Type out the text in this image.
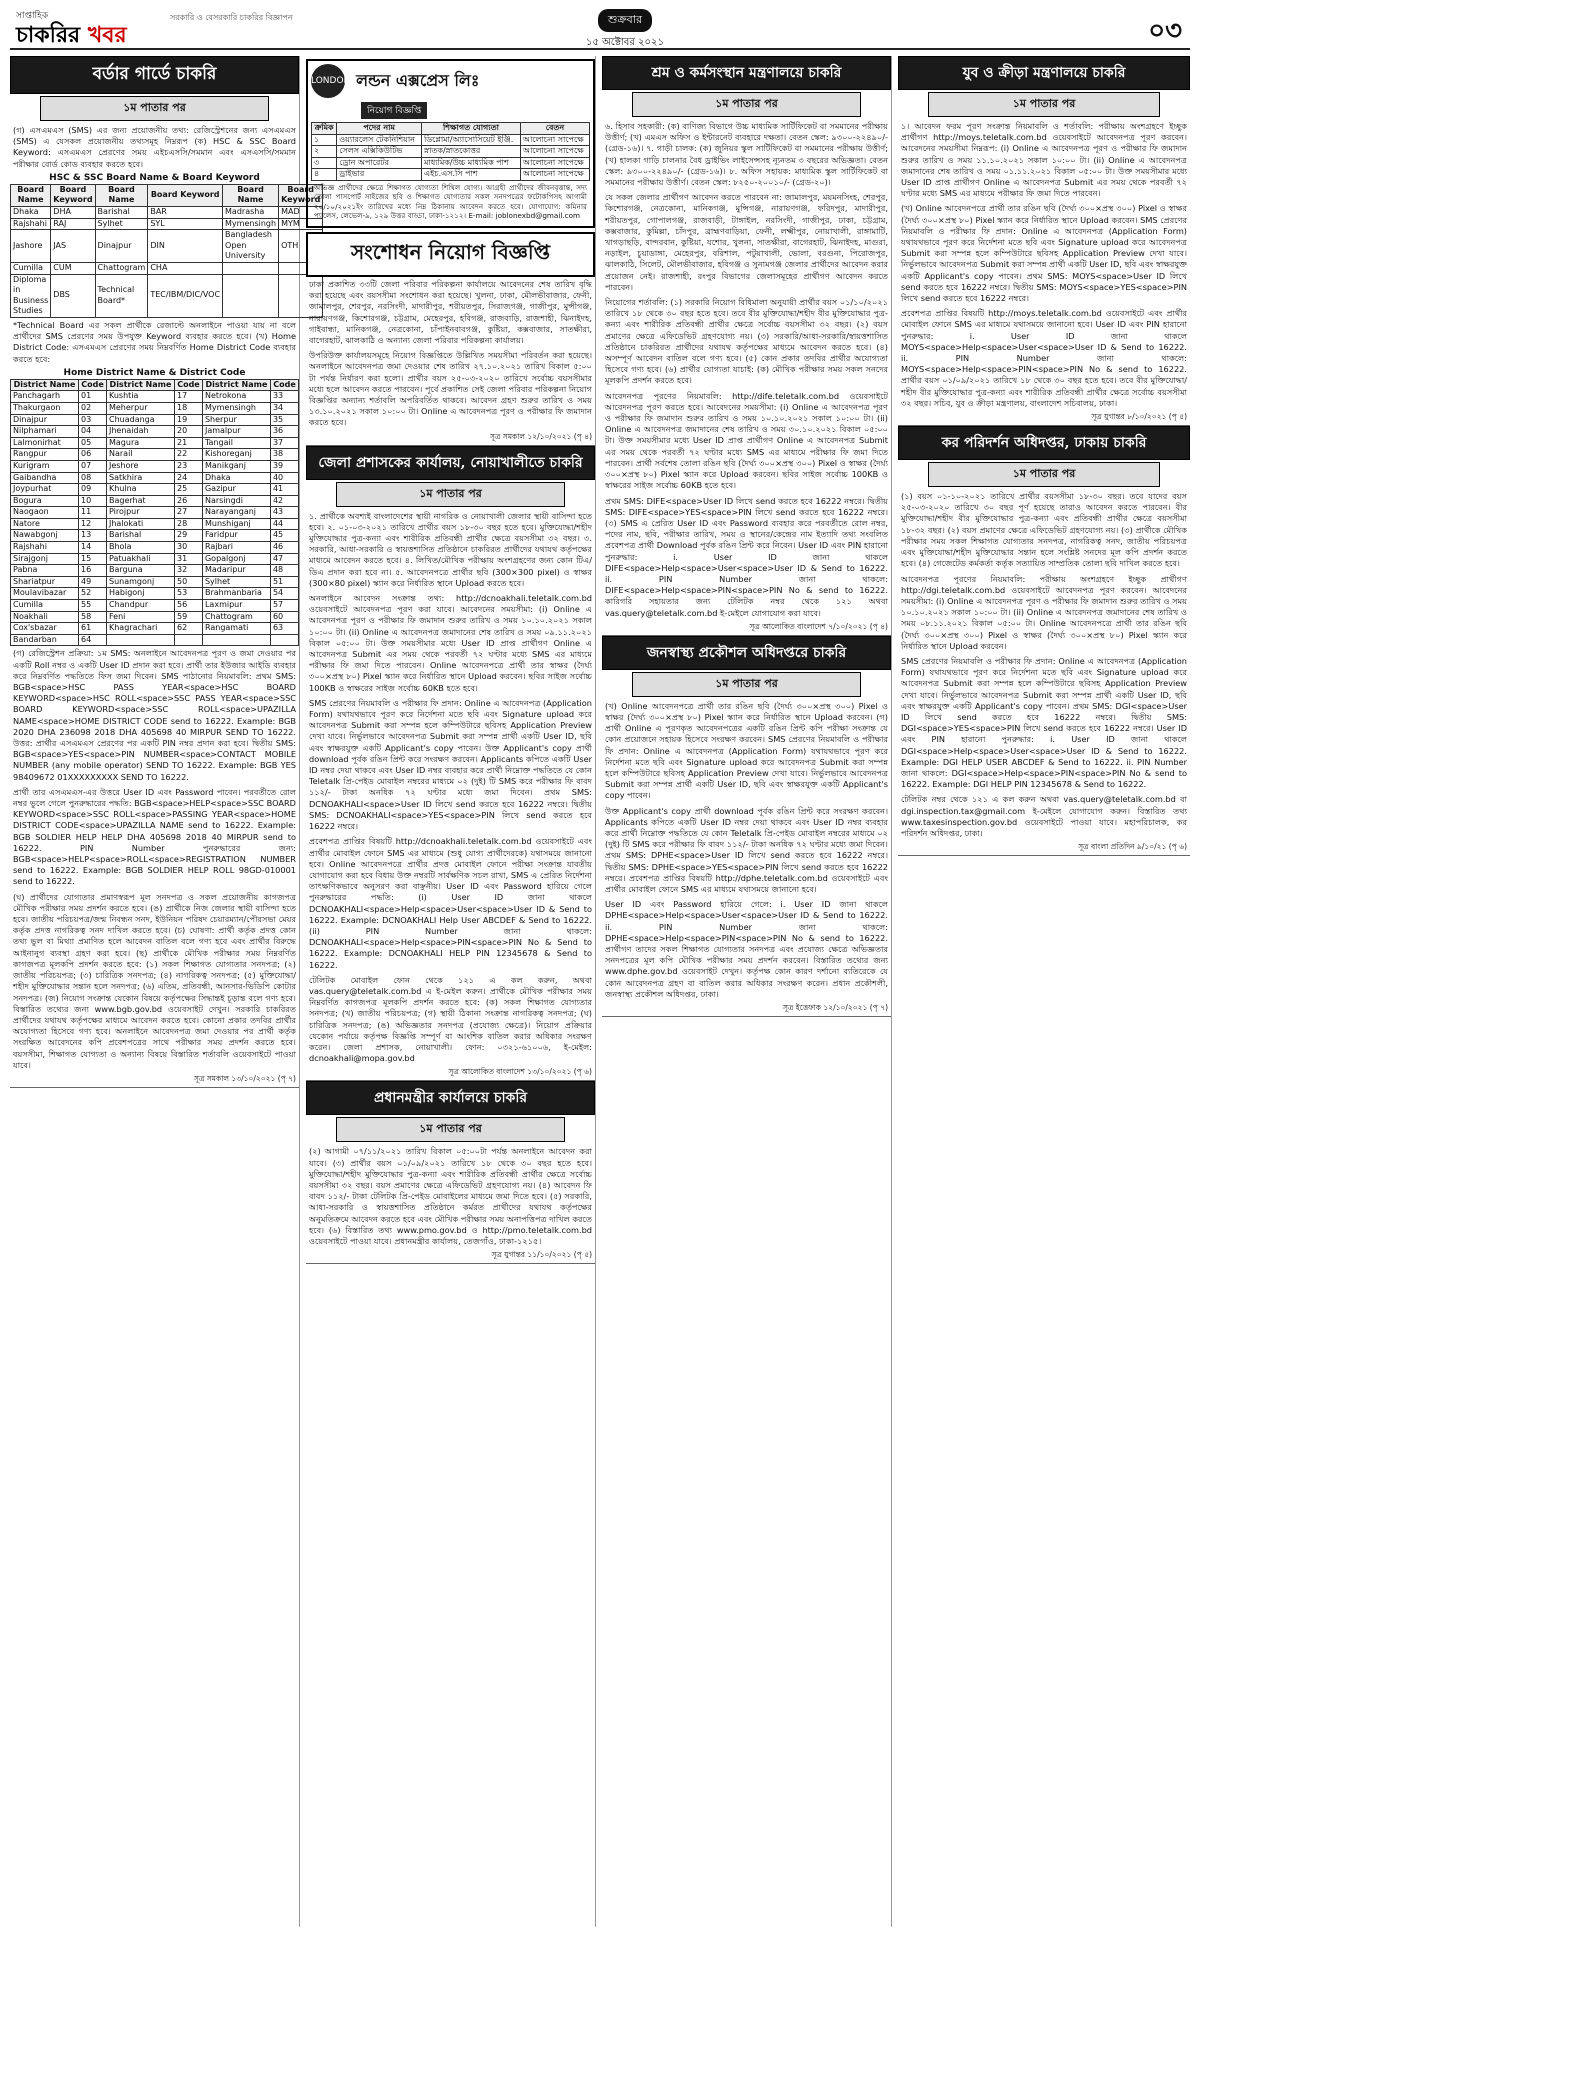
সাপ্তাহিক
চাকরির খবর
সরকারি ও বেসরকারি চাকরির বিজ্ঞাপন	শুক্রবার
১৫ অক্টোবর ২০২১	০৩
বর্ডার গার্ডে চাকরি
১ম পাতার পর
(গ) এসএমএস (SMS) এর জন্য প্রয়োজনীয় তথ্য: রেজিস্ট্রেশনের জন্য এসএমএস (SMS) এ যেসকল প্রয়োজনীয় তথ্যসমূহ নিম্নরূপ (ক) HSC & SSC Board Keyword: এসএমএস প্রেরণের সময় এইচএসসি/সমমান এবং এসএসসি/সমমান পরীক্ষার বোর্ড কোড ব্যবহার করতে হবে।
HSC & SSC Board Name & Board Keyword
Board Name	Board Keyword	Board Name	Board Keyword	Board Name	Board Keyword
Dhaka	DHA	Barishal	BAR	Madrasha	MAD
Rajshahi	RAJ	Sylhet	SYL	Mymensingh	MYM
Jashore	JAS	Dinajpur	DIN	Bangladesh Open University	OTH
Cumilla	CUM	Chattogram	CHA		
Diploma in Business Studies	DBS	Technical Board*	TEC/IBM/DIC/VOC		
*Technical Board এর সকল প্রার্থীকে রেজাল্টে অনলাইনে পাওয়া যায় না বলে প্রার্থীদের SMS প্রেরণের সময় উপযুক্ত Keyword ব্যবহার করতে হবে। (খ) Home District Code: এসএমএস প্রেরণের সময় নিম্নবর্ণিত Home District Code ব্যবহার করতে হবে:
Home District Name & District Code
District Name	Code	District Name	Code	District Name	Code
Panchagarh	01	Kushtia	17	Netrokona	33
Thakurgaon	02	Meherpur	18	Mymensingh	34
Dinajpur	03	Chuadanga	19	Sherpur	35
Nilphamari	04	Jhenaidah	20	Jamalpur	36
Lalmonirhat	05	Magura	21	Tangail	37
Rangpur	06	Narail	22	Kishoreganj	38
Kurigram	07	Jeshore	23	Manikganj	39
Gaibandha	08	Satkhira	24	Dhaka	40
Joypurhat	09	Khulna	25	Gazipur	41
Bogura	10	Bagerhat	26	Narsingdi	42
Naogaon	11	Pirojpur	27	Narayanganj	43
Natore	12	Jhalokati	28	Munshiganj	44
Nawabgonj	13	Barishal	29	Faridpur	45
Rajshahi	14	Bhola	30	Rajbari	46
Sirajgonj	15	Patuakhali	31	Gopalgonj	47
Pabna	16	Barguna	32	Madaripur	48
Shariatpur	49	Sunamgonj	50	Sylhet	51
Moulavibazar	52	Habigonj	53	Brahmanbaria	54
Cumilla	55	Chandpur	56	Laxmipur	57
Noakhali	58	Feni	59	Chattogram	60
Cox'sbazar	61	Khagrachari	62	Rangamati	63
Bandarban	64				
(গ) রেজিস্ট্রেশন প্রক্রিয়া: ১ম SMS: অনলাইনে আবেদনপত্র পূরণ ও জমা দেওয়ার পর একটি Roll নম্বর ও একটি User ID প্রদান করা হবে। প্রার্থী তার ইউজার আইডি ব্যবহার করে নিম্নবর্ণিত পদ্ধতিতে ফিস জমা দিবেন। SMS পাঠানোর নিয়মাবলি: প্রথম SMS: BGB<space>HSC PASS YEAR<space>HSC BOARD KEYWORD<space>HSC ROLL<space>SSC PASS YEAR<space>SSC BOARD KEYWORD<space>SSC ROLL<space>UPAZILLA NAME<space>HOME DISTRICT CODE send to 16222. Example: BGB 2020 DHA 236098 2018 DHA 405698 40 MIRPUR SEND TO 16222. উত্তর: প্রার্থীর এসএমএস প্রেরণের পর একটি PIN নম্বর প্রদান করা হবে। দ্বিতীয় SMS: BGB<space>YES<space>PIN NUMBER<space>CONTACT MOBILE NUMBER (any mobile operator) SEND TO 16222. Example: BGB YES 98409672 01XXXXXXXXX SEND TO 16222.
প্রার্থী তার এসএমএস-এর উত্তরে User ID এবং Password পাবেন। পরবর্তীতে রোল নম্বর ভুলে গেলে পুনরুদ্ধারের পদ্ধতি: BGB<space>HELP<space>SSC BOARD KEYWORD<space>SSC ROLL<space>PASSING YEAR<space>HOME DISTRICT CODE<space>UPAZILLA NAME send to 16222. Example: BGB SOLDIER HELP HELP DHA 405698 2018 40 MIRPUR send to 16222. PIN Number পুনরুদ্ধারের জন্য: BGB<space>HELP<space>ROLL<space>REGISTRATION NUMBER send to 16222. Example: BGB SOLDIER HELP ROLL 98GD-010001 send to 16222.
(ঘ) প্রার্থীদের যোগ্যতার প্রমাণস্বরূপ মূল সনদপত্র ও সকল প্রয়োজনীয় কাগজপত্র মৌখিক পরীক্ষার সময় প্রদর্শন করতে হবে। (ঙ) প্রার্থীকে নিজ জেলার স্থায়ী বাসিন্দা হতে হবে। জাতীয় পরিচয়পত্র/জন্ম নিবন্ধন সনদ, ইউনিয়ন পরিষদ চেয়ারম্যান/পৌরসভা মেয়র কর্তৃক প্রদত্ত নাগরিকত্ব সনদ দাখিল করতে হবে। (চ) ঘোষণা: প্রার্থী কর্তৃক প্রদত্ত কোন তথ্য ভুল বা মিথ্যা প্রমাণিত হলে আবেদন বাতিল বলে গণ্য হবে এবং প্রার্থীর বিরুদ্ধে আইনানুগ ব্যবস্থা গ্রহণ করা হবে। (ছ) প্রার্থীকে মৌখিক পরীক্ষার সময় নিম্নবর্ণিত কাগজপত্র মূলকপি প্রদর্শন করতে হবে: (১) সকল শিক্ষাগত যোগ্যতার সনদপত্র; (২) জাতীয় পরিচয়পত্র; (৩) চারিত্রিক সনদপত্র; (৪) নাগরিকত্ব সনদপত্র; (৫) মুক্তিযোদ্ধা/শহীদ মুক্তিযোদ্ধার সন্তান হলে সনদপত্র; (৬) এতিম, প্রতিবন্ধী, আনসার-ভিডিপি কোটার সনদপত্র। (জ) নিয়োগ সংক্রান্ত যেকোন বিষয়ে কর্তৃপক্ষের সিদ্ধান্তই চূড়ান্ত বলে গণ্য হবে। বিস্তারিত তথ্যের জন্য www.bgb.gov.bd ওয়েবসাইট দেখুন। সরকারি চাকরিরত প্রার্থীদের যথাযথ কর্তৃপক্ষের মাধ্যমে আবেদন করতে হবে। কোনো প্রকার তদবির প্রার্থীর অযোগ্যতা হিসেবে গণ্য হবে। অনলাইনে আবেদনপত্র জমা দেওয়ার পর প্রার্থী কর্তৃক সংরক্ষিত আবেদনের কপি প্রবেশপত্রের সাথে পরীক্ষার সময় প্রদর্শন করতে হবে। বয়সসীমা, শিক্ষাগত যোগ্যতা ও অন্যান্য বিষয়ে বিস্তারিত শর্তাবলি ওয়েবসাইটে পাওয়া যাবে।
সূত্র সমকাল ১৩/১০/২০২১ (পৃ ৭)
LONDON লন্ডন এক্সপ্রেস লিঃ
নিয়োগ বিজ্ঞপ্তি
ক্রমিক	পদের নাম	শিক্ষাগত যোগ্যতা	বেতন
১	ওয়্যারলেস টেকনিশিয়ান	ডিপ্লোমা/অ্যাসোসিয়েট ইঞ্জি.	আলোচনা সাপেক্ষে
২	সেলস এক্সিকিউটিভ	স্নাতক/স্নাতকোত্তর	আলোচনা সাপেক্ষে
৩	ড্রোন অপারেটর	মাধ্যমিক/উচ্চ মাধ্যমিক পাশ	আলোচনা সাপেক্ষে
৪	ড্রাইভার	এইচ.এস.সি পাশ	আলোচনা সাপেক্ষে
অভিজ্ঞ প্রার্থীদের ক্ষেত্রে শিক্ষাগত যোগ্যতা শিথিল যোগ্য। আগ্রহী প্রার্থীদের জীবনবৃত্তান্ত, সদ্য তোলা পাসপোর্ট সাইজের ছবি ও শিক্ষাগত যোগ্যতার সকল সনদপত্রের ফটোকপিসহ আগামী ২০/১০/২০২১ইং তারিখের মধ্যে নিম্ন ঠিকানায় আবেদন করতে হবে। যোগাযোগ: কমিনার প্যালেস, লেভেল-৯, ১২৯ উত্তর বাড্ডা, ঢাকা-১২১২। E-mail: joblonexbd@gmail.com
সংশোধন নিয়োগ বিজ্ঞপ্তি
ঢাকা প্রকাশিত ৩৩টি জেলা পরিবার পরিকল্পনা কার্যালয়ে আবেদনের শেষ তারিখ বৃদ্ধি করা হয়েছে এবং বয়সসীমা সংশোধন করা হয়েছে। খুলনা, ঢাকা, মৌলভীবাজার, ফেনী, জামালপুর, শেরপুর, নরসিংদী, মাদারীপুর, শরীয়তপুর, সিরাজগঞ্জ, গাজীপুর, মুন্সীগঞ্জ, নারায়ণগঞ্জ, কিশোরগঞ্জ, চট্টগ্রাম, মেহেরপুর, হবিগঞ্জ, রাজবাড়ি, রাজশাহী, ঝিনাইদহ, গাইবান্ধা, মানিকগঞ্জ, নেত্রকোনা, চাঁপাইনবাবগঞ্জ, কুষ্টিয়া, কক্সবাজার, সাতক্ষীরা, বাগেরহাট, ঝালকাঠি ও অন্যান্য জেলা পরিবার পরিকল্পনা কার্যালয়।
উপরিউক্ত কার্যালয়সমূহে নিয়োগ বিজ্ঞপ্তিতে উল্লিখিত সময়সীমা পরিবর্তন করা হয়েছে। অনলাইনে আবেদনপত্র জমা দেওয়ার শেষ তারিখ ২৭.১০.২০২১ তারিখ বিকাল ৫:০০ টা পর্যন্ত নির্ধারণ করা হলো। প্রার্থীর বয়স ২৫-০৩-২০২০ তারিখে সর্বোচ্চ বয়সসীমার মধ্যে হলে আবেদন করতে পারবেন। পূর্বে প্রকাশিত সেই জেলা পরিবার পরিকল্পনা নিয়োগ বিজ্ঞপ্তির অন্যান্য শর্তাবলি অপরিবর্তিত থাকবে। আবেদন গ্রহণ শুরুর তারিখ ও সময় ১৩.১০.২০২১ সকাল ১০:০০ টা। Online এ আবেদনপত্র পূরণ ও পরীক্ষার ফি জমাদান করতে হবে।
সূত্র সমকাল ১২/১০/২০২১ (পৃ ৪)
জেলা প্রশাসকের কার্যালয়, নোয়াখালীতে চাকরি
১ম পাতার পর
১. প্রার্থীকে অবশ্যই বাংলাদেশের স্থায়ী নাগরিক ও নোয়াখালী জেলার স্থায়ী বাসিন্দা হতে হবে। ২. ০১-০৩-২০২১ তারিখে প্রার্থীর বয়স ১৮-৩০ বছর হতে হবে। মুক্তিযোদ্ধা/শহীদ মুক্তিযোদ্ধার পুত্র-কন্যা এবং শারীরিক প্রতিবন্ধী প্রার্থীর ক্ষেত্রে বয়সসীমা ৩২ বছর। ৩. সরকারি, আধা-সরকারি ও স্বায়ত্তশাসিত প্রতিষ্ঠানে চাকরিরত প্রার্থীদের যথাযথ কর্তৃপক্ষের মাধ্যমে আবেদন করতে হবে। ৪. লিখিত/মৌখিক পরীক্ষায় অংশগ্রহণের জন্য কোন টিএ/ডিএ প্রদান করা হবে না। ৫. আবেদনপত্রে প্রার্থীর ছবি (300×300 pixel) ও স্বাক্ষর (300×80 pixel) স্ক্যান করে নির্ধারিত স্থানে Upload করতে হবে।
অনলাইনে আবেদন সংক্রান্ত তথ্য: http://dcnoakhali.teletalk.com.bd ওয়েবসাইটে আবেদনপত্র পূরণ করা যাবে। আবেদনের সময়সীমা: (i) Online এ আবেদনপত্র পূরণ ও পরীক্ষার ফি জমাদান শুরুর তারিখ ও সময় ১০.১০.২০২১ সকাল ১০:০০ টা। (ii) Online এ আবেদনপত্র জমাদানের শেষ তারিখ ও সময় ০৯.১১.২০২১ বিকাল ০৫:০০ টা। উক্ত সময়সীমার মধ্যে User ID প্রাপ্ত প্রার্থীগণ Online এ আবেদনপত্র Submit এর সময় থেকে পরবর্তী ৭২ ঘণ্টার মধ্যে SMS এর মাধ্যমে পরীক্ষার ফি জমা দিতে পারবেন। Online আবেদনপত্রে প্রার্থী তার স্বাক্ষর (দৈর্ঘ্য ৩০০×প্রস্থ ৮০) Pixel স্ক্যান করে নির্ধারিত স্থানে Upload করবেন। ছবির সাইজ সর্বোচ্চ 100KB ও স্বাক্ষরের সাইজ সর্বোচ্চ 60KB হতে হবে।
SMS প্রেরণের নিয়মাবলি ও পরীক্ষার ফি প্রদান: Online এ আবেদনপত্র (Application Form) যথাযথভাবে পূরণ করে নির্দেশনা মতে ছবি এবং Signature upload করে আবেদনপত্র Submit করা সম্পন্ন হলে কম্পিউটারে ছবিসহ Application Preview দেখা যাবে। নির্ভুলভাবে আবেদনপত্র Submit করা সম্পন্ন প্রার্থী একটি User ID, ছবি এবং স্বাক্ষরযুক্ত একটি Applicant's copy পাবেন। উক্ত Applicant's copy প্রার্থী download পূর্বক রঙিন প্রিন্ট করে সংরক্ষণ করবেন। Applicants কপিতে একটি User ID নম্বর দেয়া থাকবে এবং User ID নম্বর ব্যবহার করে প্রার্থী নিম্নোক্ত পদ্ধতিতে যে কোন Teletalk প্রি-পেইড মোবাইল নম্বরের মাধ্যমে ০২ (দুই) টি SMS করে পরীক্ষার ফি বাবদ ১১২/- টাকা অনধিক ৭২ ঘণ্টার মধ্যে জমা দিবেন। প্রথম SMS: DCNOAKHALI<space>User ID লিখে send করতে হবে 16222 নম্বরে। দ্বিতীয় SMS: DCNOAKHALI<space>YES<space>PIN লিখে send করতে হবে 16222 নম্বরে।
প্রবেশপত্র প্রাপ্তির বিষয়টি http://dcnoakhali.teletalk.com.bd ওয়েবসাইটে এবং প্রার্থীর মোবাইল ফোনে SMS এর মাধ্যমে (শুধু যোগ্য প্রার্থীদেরকে) যথাসময়ে জানানো হবে। Online আবেদনপত্রে প্রার্থীর প্রদত্ত মোবাইল ফোনে পরীক্ষা সংক্রান্ত যাবতীয় যোগাযোগ করা হবে বিধায় উক্ত নম্বরটি সার্বক্ষণিক সচল রাখা, SMS এ প্রেরিত নির্দেশনা তাৎক্ষণিকভাবে অনুসরণ করা বাঞ্ছনীয়। User ID এবং Password হারিয়ে গেলে পুনরুদ্ধারের পদ্ধতি: (i) User ID জানা থাকলে DCNOAKHALI<space>Help<space>User<space>User ID & Send to 16222. Example: DCNOAKHALI Help User ABCDEF & Send to 16222. (ii) PIN Number জানা থাকলে: DCNOAKHALI<space>Help<space>PIN<space>PIN No & Send to 16222. Example: DCNOAKHALI HELP PIN 12345678 & Send to 16222.
টেলিটক মোবাইল ফোন থেকে ১২১ এ কল করুন, অথবা vas.query@teletalk.com.bd এ ই-মেইল করুন। প্রার্থীকে মৌখিক পরীক্ষার সময় নিম্নবর্ণিত কাগজপত্র মূলকপি প্রদর্শন করতে হবে: (ক) সকল শিক্ষাগত যোগ্যতার সনদপত্র; (খ) জাতীয় পরিচয়পত্র; (গ) স্থায়ী ঠিকানা সংক্রান্ত নাগরিকত্ব সনদপত্র; (ঘ) চারিত্রিক সনদপত্র; (ঙ) অভিজ্ঞতার সনদপত্র (প্রযোজ্য ক্ষেত্রে)। নিয়োগ প্রক্রিয়ার যেকোন পর্যায়ে কর্তৃপক্ষ বিজ্ঞপ্তি সম্পূর্ণ বা আংশিক বাতিল করার অধিকার সংরক্ষণ করেন। জেলা প্রশাসক, নোয়াখালী। ফোন: ০৩২১-৬১০০৬, ই-মেইল: dcnoakhali@mopa.gov.bd
সূত্র আলোকিত বাংলাদেশ ১৩/১০/২০২১ (পৃ ৬)
প্রধানমন্ত্রীর কার্যালয়ে চাকরি
১ম পাতার পর
(২) আগামী ০৭/১১/২০২১ তারিখ বিকাল ০৫:০০টা পর্যন্ত অনলাইনে আবেদন করা যাবে। (৩) প্রার্থীর বয়স ০১/০৯/২০২১ তারিখে ১৮ থেকে ৩০ বছর হতে হবে। মুক্তিযোদ্ধা/শহীদ মুক্তিযোদ্ধার পুত্র-কন্যা এবং শারীরিক প্রতিবন্ধী প্রার্থীর ক্ষেত্রে সর্বোচ্চ বয়সসীমা ৩২ বছর। বয়স প্রমাণের ক্ষেত্রে এফিডেভিট গ্রহণযোগ্য নয়। (৪) আবেদন ফি বাবদ ১১২/- টাকা টেলিটক প্রি-পেইড মোবাইলের মাধ্যমে জমা দিতে হবে। (৫) সরকারি, আধা-সরকারি ও স্বায়ত্তশাসিত প্রতিষ্ঠানে কর্মরত প্রার্থীদের যথাযথ কর্তৃপক্ষের অনুমতিক্রমে আবেদন করতে হবে এবং মৌখিক পরীক্ষার সময় অনাপত্তিপত্র দাখিল করতে হবে। (৬) বিস্তারিত তথ্য www.pmo.gov.bd ও http://pmo.teletalk.com.bd ওয়েবসাইটে পাওয়া যাবে। প্রধানমন্ত্রীর কার্যালয়, তেজগাঁও, ঢাকা-১২১৫।
সূত্র যুগান্তর ১১/১০/২০২১ (পৃ ৫)
শ্রম ও কর্মসংস্থান মন্ত্রণালয়ে চাকরি
১ম পাতার পর
৬. হিসাব সহকারী: (ক) বাণিজ্য বিভাগে উচ্চ মাধ্যমিক সার্টিফিকেট বা সমমানের পরীক্ষায় উত্তীর্ণ; (খ) এমএস অফিস ও ইন্টারনেট ব্যবহারে দক্ষতা। বেতন স্কেল: ৯৩০০-২২৪৯০/- (গ্রেড-১৬)। ৭. গাড়ী চালক: (ক) জুনিয়র স্কুল সার্টিফিকেট বা সমমানের পরীক্ষায় উত্তীর্ণ; (খ) হালকা গাড়ি চালনার বৈধ ড্রাইভিং লাইসেন্সসহ ন্যূনতম ৩ বছরের অভিজ্ঞতা। বেতন স্কেল: ৯৩০০-২২৪৯০/- (গ্রেড-১৬)। ৮. অফিস সহায়ক: মাধ্যমিক স্কুল সার্টিফিকেট বা সমমানের পরীক্ষায় উত্তীর্ণ। বেতন স্কেল: ৮২৫০-২০০১০/- (গ্রেড-২০)।
যে সকল জেলার প্রার্থীগণ আবেদন করতে পারবেন না: জামালপুর, ময়মনসিংহ, শেরপুর, কিশোরগঞ্জ, নেত্রকোনা, মানিকগঞ্জ, মুন্সিগঞ্জ, নারায়ণগঞ্জ, ফরিদপুর, মাদারীপুর, শরীয়তপুর, গোপালগঞ্জ, রাজবাড়ী, টাঙ্গাইল, নরসিংদী, গাজীপুর, ঢাকা, চট্টগ্রাম, কক্সবাজার, কুমিল্লা, চাঁদপুর, ব্রাহ্মণবাড়িয়া, ফেনী, লক্ষ্মীপুর, নোয়াখালী, রাঙ্গামাটি, খাগড়াছড়ি, বান্দরবান, কুষ্টিয়া, যশোর, খুলনা, সাতক্ষীরা, বাগেরহাট, ঝিনাইদহ, মাগুরা, নড়াইল, চুয়াডাঙ্গা, মেহেরপুর, বরিশাল, পটুয়াখালী, ভোলা, বরগুনা, পিরোজপুর, ঝালকাঠি, সিলেট, মৌলভীবাজার, হবিগঞ্জ ও সুনামগঞ্জ জেলার প্রার্থীদের আবেদন করার প্রয়োজন নেই। রাজশাহী, রংপুর বিভাগের জেলাসমূহের প্রার্থীগণ আবেদন করতে পারবেন।
নিয়োগের শর্তাবলি: (১) সরকারি নিয়োগ বিধিমালা অনুযায়ী প্রার্থীর বয়স ০১/১০/২০২১ তারিখে ১৮ থেকে ৩০ বছর হতে হবে। তবে বীর মুক্তিযোদ্ধা/শহীদ বীর মুক্তিযোদ্ধার পুত্র-কন্যা এবং শারীরিক প্রতিবন্ধী প্রার্থীর ক্ষেত্রে সর্বোচ্চ বয়সসীমা ৩২ বছর। (২) বয়স প্রমাণের ক্ষেত্রে এফিডেভিট গ্রহণযোগ্য নয়। (৩) সরকারি/আধা-সরকারি/স্বায়ত্তশাসিত প্রতিষ্ঠানে চাকরিরত প্রার্থীদের যথাযথ কর্তৃপক্ষের মাধ্যমে আবেদন করতে হবে। (৪) অসম্পূর্ণ আবেদন বাতিল বলে গণ্য হবে। (৫) কোন প্রকার তদবির প্রার্থীর অযোগ্যতা হিসেবে গণ্য হবে। (৬) প্রার্থীর যোগ্যতা যাচাই: (ক) মৌখিক পরীক্ষার সময় সকল সনদের মূলকপি প্রদর্শন করতে হবে।
আবেদনপত্র পূরণের নিয়মাবলি: http://dife.teletalk.com.bd ওয়েবসাইটে আবেদনপত্র পূরণ করতে হবে। আবেদনের সময়সীমা: (i) Online এ আবেদনপত্র পূরণ ও পরীক্ষার ফি জমাদান শুরুর তারিখ ও সময় ১০.১০.২০২১ সকাল ১০:০০ টা। (ii) Online এ আবেদনপত্র জমাদানের শেষ তারিখ ও সময় ৩০.১০.২০২১ বিকাল ০৫:০০ টা। উক্ত সময়সীমার মধ্যে User ID প্রাপ্ত প্রার্থীগণ Online এ আবেদনপত্র Submit এর সময় থেকে পরবর্তী ৭২ ঘণ্টার মধ্যে SMS এর মাধ্যমে পরীক্ষার ফি জমা দিতে পারবেন। প্রার্থী সর্বশেষ তোলা রঙিন ছবি (দৈর্ঘ্য ৩০০×প্রস্থ ৩০০) Pixel ও স্বাক্ষর (দৈর্ঘ্য ৩০০×প্রস্থ ৮০) Pixel স্ক্যান করে Upload করবেন। ছবির সাইজ সর্বোচ্চ 100KB ও স্বাক্ষরের সাইজ সর্বোচ্চ 60KB হতে হবে।
প্রথম SMS: DIFE<space>User ID লিখে send করতে হবে 16222 নম্বরে। দ্বিতীয় SMS: DIFE<space>YES<space>PIN লিখে send করতে হবে 16222 নম্বরে। (৩) SMS এ প্রেরিত User ID এবং Password ব্যবহার করে পরবর্তীতে রোল নম্বর, পদের নাম, ছবি, পরীক্ষার তারিখ, সময় ও স্থানের/কেন্দ্রের নাম ইত্যাদি তথ্য সংবলিত প্রবেশপত্র প্রার্থী Download পূর্বক রঙিন প্রিন্ট করে নিবেন। User ID এবং PIN হারানো পুনরুদ্ধার: i. User ID জানা থাকলে DIFE<space>Help<space>User<space>User ID & Send to 16222. ii. PIN Number জানা থাকলে: DIFE<space>Help<space>PIN<space>PIN No & send to 16222. কারিগরি সহায়তার জন্য টেলিটক নম্বর থেকে ১২১ অথবা vas.query@teletalk.com.bd ই-মেইলে যোগাযোগ করা যাবে।
সূত্র আলোকিত বাংলাদেশ ৭/১০/২০২১ (পৃ ৪)
জনস্বাস্থ্য প্রকৌশল অধিদপ্তরে চাকরি
১ম পাতার পর
(খ) Online আবেদনপত্রে প্রার্থী তার রঙিন ছবি (দৈর্ঘ্য ৩০০×প্রস্থ ৩০০) Pixel ও স্বাক্ষর (দৈর্ঘ্য ৩০০×প্রস্থ ৮০) Pixel স্ক্যান করে নির্ধারিত স্থানে Upload করবেন। (গ) প্রার্থী Online এ পূরণকৃত আবেদনপত্রের একটি রঙিন প্রিন্ট কপি পরীক্ষা সংক্রান্ত যে কোন প্রয়োজনে সহায়ক হিসেবে সংরক্ষণ করবেন। SMS প্রেরণের নিয়মাবলি ও পরীক্ষার ফি প্রদান: Online এ আবেদনপত্র (Application Form) যথাযথভাবে পূরণ করে নির্দেশনা মতে ছবি এবং Signature upload করে আবেদনপত্র Submit করা সম্পন্ন হলে কম্পিউটারে ছবিসহ Application Preview দেখা যাবে। নির্ভুলভাবে আবেদনপত্র Submit করা সম্পন্ন প্রার্থী একটি User ID, ছবি এবং স্বাক্ষরযুক্ত একটি Applicant's copy পাবেন।
উক্ত Applicant's copy প্রার্থী download পূর্বক রঙিন প্রিন্ট করে সংরক্ষণ করবেন। Applicants কপিতে একটি User ID নম্বর দেয়া থাকবে এবং User ID নম্বর ব্যবহার করে প্রার্থী নিম্নোক্ত পদ্ধতিতে যে কোন Teletalk প্রি-পেইড মোবাইল নম্বরের মাধ্যমে ০২ (দুই) টি SMS করে পরীক্ষার ফি বাবদ ১১২/- টাকা অনধিক ৭২ ঘণ্টার মধ্যে জমা দিবেন। প্রথম SMS: DPHE<space>User ID লিখে send করতে হবে 16222 নম্বরে। দ্বিতীয় SMS: DPHE<space>YES<space>PIN লিখে send করতে হবে 16222 নম্বরে। প্রবেশপত্র প্রাপ্তির বিষয়টি http://dphe.teletalk.com.bd ওয়েবসাইটে এবং প্রার্থীর মোবাইল ফোনে SMS এর মাধ্যমে যথাসময়ে জানানো হবে।
User ID এবং Password হারিয়ে গেলে: i. User ID জানা থাকলে DPHE<space>Help<space>User<space>User ID & Send to 16222. ii. PIN Number জানা থাকলে: DPHE<space>Help<space>PIN<space>PIN No & send to 16222. প্রার্থীগণ তাদের সকল শিক্ষাগত যোগ্যতার সনদপত্র এবং প্রযোজ্য ক্ষেত্রে অভিজ্ঞতার সনদপত্রের মূল কপি মৌখিক পরীক্ষার সময় প্রদর্শন করবেন। বিস্তারিত তথ্যের জন্য www.dphe.gov.bd ওয়েবসাইট দেখুন। কর্তৃপক্ষ কোন কারণ দর্শানো ব্যতিরেকে যে কোন আবেদনপত্র গ্রহণ বা বাতিল করার অধিকার সংরক্ষণ করেন। প্রধান প্রকৌশলী, জনস্বাস্থ্য প্রকৌশল অধিদপ্তর, ঢাকা।
সূত্র ইত্তেফাক ১২/১০/২০২১ (পৃ ৭)
যুব ও ক্রীড়া মন্ত্রণালয়ে চাকরি
১ম পাতার পর
১। আবেদন ফরম পূরণ সংক্রান্ত নিয়মাবলি ও শর্তাবলি: পরীক্ষায় অংশগ্রহণে ইচ্ছুক প্রার্থীগণ http://moys.teletalk.com.bd ওয়েবসাইটে আবেদনপত্র পূরণ করবেন। আবেদনের সময়সীমা নিম্নরূপ: (i) Online এ আবেদনপত্র পূরণ ও পরীক্ষার ফি জমাদান শুরুর তারিখ ও সময় ১১.১০.২০২১ সকাল ১০:০০ টা। (ii) Online এ আবেদনপত্র জমাদানের শেষ তারিখ ও সময় ০১.১১.২০২১ বিকাল ০৫:০০ টা। উক্ত সময়সীমার মধ্যে User ID প্রাপ্ত প্রার্থীগণ Online এ আবেদনপত্র Submit এর সময় থেকে পরবর্তী ৭২ ঘণ্টার মধ্যে SMS এর মাধ্যমে পরীক্ষার ফি জমা দিতে পারবেন।
(খ) Online আবেদনপত্রে প্রার্থী তার রঙিন ছবি (দৈর্ঘ্য ৩০০×প্রস্থ ৩০০) Pixel ও স্বাক্ষর (দৈর্ঘ্য ৩০০×প্রস্থ ৮০) Pixel স্ক্যান করে নির্ধারিত স্থানে Upload করবেন। SMS প্রেরণের নিয়মাবলি ও পরীক্ষার ফি প্রদান: Online এ আবেদনপত্র (Application Form) যথাযথভাবে পূরণ করে নির্দেশনা মতে ছবি এবং Signature upload করে আবেদনপত্র Submit করা সম্পন্ন হলে কম্পিউটারে ছবিসহ Application Preview দেখা যাবে। নির্ভুলভাবে আবেদনপত্র Submit করা সম্পন্ন প্রার্থী একটি User ID, ছবি এবং স্বাক্ষরযুক্ত একটি Applicant's copy পাবেন। প্রথম SMS: MOYS<space>User ID লিখে send করতে হবে 16222 নম্বরে। দ্বিতীয় SMS: MOYS<space>YES<space>PIN লিখে send করতে হবে 16222 নম্বরে।
প্রবেশপত্র প্রাপ্তির বিষয়টি http://moys.teletalk.com.bd ওয়েবসাইটে এবং প্রার্থীর মোবাইল ফোনে SMS এর মাধ্যমে যথাসময়ে জানানো হবে। User ID এবং PIN হারানো পুনরুদ্ধার: i. User ID জানা থাকলে MOYS<space>Help<space>User<space>User ID & Send to 16222. ii. PIN Number জানা থাকলে: MOYS<space>Help<space>PIN<space>PIN No & send to 16222. প্রার্থীর বয়স ০১/০৯/২০২১ তারিখে ১৮ থেকে ৩০ বছর হতে হবে। তবে বীর মুক্তিযোদ্ধা/শহীদ বীর মুক্তিযোদ্ধার পুত্র-কন্যা এবং শারীরিক প্রতিবন্ধী প্রার্থীর ক্ষেত্রে সর্বোচ্চ বয়সসীমা ৩২ বছর। সচিব, যুব ও ক্রীড়া মন্ত্রণালয়, বাংলাদেশ সচিবালয়, ঢাকা।
সূত্র যুগান্তর ৮/১০/২০২১ (পৃ ৫)
কর পরিদর্শন অধিদপ্তর, ঢাকায় চাকরি
১ম পাতার পর
(১) বয়স ০১-১০-২০২১ তারিখে প্রার্থীর বয়সসীমা ১৮-৩০ বছর। তবে যাদের বয়স ২৫-০৩-২০২০ তারিখে ৩০ বছর পূর্ণ হয়েছে তারাও আবেদন করতে পারবেন। বীর মুক্তিযোদ্ধা/শহীদ বীর মুক্তিযোদ্ধার পুত্র-কন্যা এবং প্রতিবন্ধী প্রার্থীর ক্ষেত্রে বয়সসীমা ১৮-৩২ বছর। (২) বয়স প্রমাণের ক্ষেত্রে এফিডেভিট গ্রহণযোগ্য নয়। (৩) প্রার্থীকে মৌখিক পরীক্ষার সময় সকল শিক্ষাগত যোগ্যতার সনদপত্র, নাগরিকত্ব সনদ, জাতীয় পরিচয়পত্র এবং মুক্তিযোদ্ধা/শহীদ মুক্তিযোদ্ধার সন্তান হলে সংশ্লিষ্ট সনদের মূল কপি প্রদর্শন করতে হবে। (৪) গেজেটেড কর্মকর্তা কর্তৃক সত্যায়িত সাম্প্রতিক তোলা ছবি দাখিল করতে হবে।
আবেদনপত্র পূরণের নিয়মাবলি: পরীক্ষায় অংশগ্রহণে ইচ্ছুক প্রার্থীগণ http://dgi.teletalk.com.bd ওয়েবসাইটে আবেদনপত্র পূরণ করবেন। আবেদনের সময়সীমা: (i) Online এ আবেদনপত্র পূরণ ও পরীক্ষার ফি জমাদান শুরুর তারিখ ও সময় ১০.১০.২০২১ সকাল ১০:০০ টা। (ii) Online এ আবেদনপত্র জমাদানের শেষ তারিখ ও সময় ০৮.১১.২০২১ বিকাল ০৫:০০ টা। Online আবেদনপত্রে প্রার্থী তার রঙিন ছবি (দৈর্ঘ্য ৩০০×প্রস্থ ৩০০) Pixel ও স্বাক্ষর (দৈর্ঘ্য ৩০০×প্রস্থ ৮০) Pixel স্ক্যান করে নির্ধারিত স্থানে Upload করবেন।
SMS প্রেরণের নিয়মাবলি ও পরীক্ষার ফি প্রদান: Online এ আবেদনপত্র (Application Form) যথাযথভাবে পূরণ করে নির্দেশনা মতে ছবি এবং Signature upload করে আবেদনপত্র Submit করা সম্পন্ন হলে কম্পিউটারে ছবিসহ Application Preview দেখা যাবে। নির্ভুলভাবে আবেদনপত্র Submit করা সম্পন্ন প্রার্থী একটি User ID, ছবি এবং স্বাক্ষরযুক্ত একটি Applicant's copy পাবেন। প্রথম SMS: DGI<space>User ID লিখে send করতে হবে 16222 নম্বরে। দ্বিতীয় SMS: DGI<space>YES<space>PIN লিখে send করতে হবে 16222 নম্বরে। User ID এবং PIN হারানো পুনরুদ্ধার: i. User ID জানা থাকলে DGI<space>Help<space>User<space>User ID & Send to 16222. Example: DGI HELP USER ABCDEF & Send to 16222. ii. PIN Number জানা থাকলে: DGI<space>Help<space>PIN<space>PIN No & send to 16222. Example: DGI HELP PIN 12345678 & Send to 16222.
টেলিটক নম্বর থেকে ১২১ এ কল করুন অথবা vas.query@teletalk.com.bd বা dgi.inspection.tax@gmail.com ই-মেইলে যোগাযোগ করুন। বিস্তারিত তথ্য www.taxesinspection.gov.bd ওয়েবসাইটে পাওয়া যাবে। মহাপরিচালক, কর পরিদর্শন অধিদপ্তর, ঢাকা।
সূত্র বাংলা প্রতিদিন ৯/১০/২১ (পৃ ৬)
